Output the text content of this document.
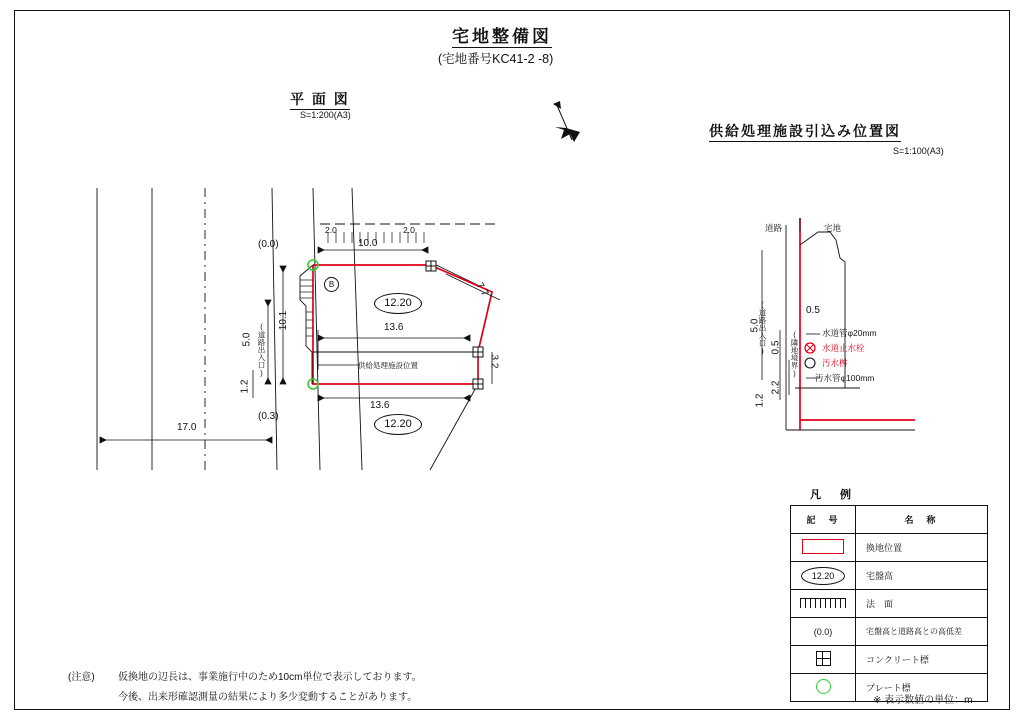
宅地整備図
(宅地番号KC41-2 -8)
平 面 図
S=1:200(A3)
供給処理施設引込み位置図
S=1:100(A3)
(0.0)
(0.3)
2.0	2.0
10.0
7.7
13.6
13.6
3.2
10.1
5.0
1.2
(道路出入口)
17.0
供給処理施設位置
12.20
12.20
B
道路	宅地
5.0
0.5
0.5
2.2
1.2
(道路出入口)	(隣地境界)	水道管φ20mm
水道止水栓
汚水桝
汚水管φ100mm
凡　例
記　号	名　称
	換地位置
12.20	宅盤高
	法　面
(0.0)	宅盤高と道路高との高低差
	コンクリート標
	プレート標
(注意) 仮換地の辺長は、事業施行中のため10cm単位で表示しております。
今後、出来形確認測量の結果により多少変動することがあります。	※ 表示数値の単位：m
